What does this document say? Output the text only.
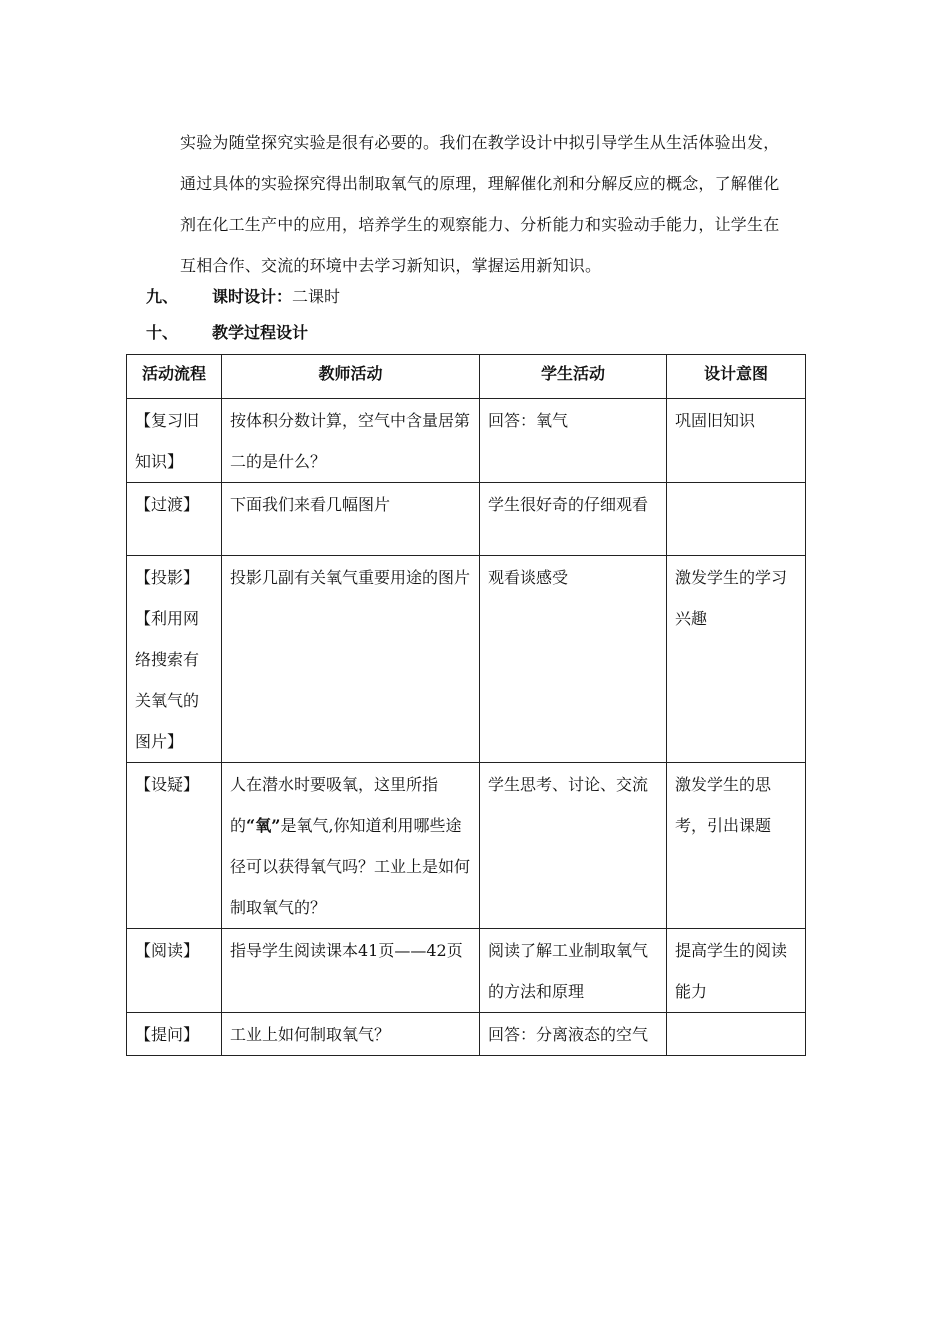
实验为随堂探究实验是很有必要的。我们在教学设计中拟引导学生从生活体验出发，

通过具体的实验探究得出制取氧气的原理，理解催化剂和分解反应的概念，了解催化

剂在化工生产中的应用，培养学生的观察能力、分析能力和实验动手能力，让学生在

互相合作、交流的环境中去学习新知识，掌握运用新知识。

九、 课时设计：二课时
十、 教学过程设计
活动流程	教师活动	学生活动	设计意图

【复习旧
知识】	按体积分数计算，空气中含量居第二的是什么？	回答：氧气	巩固旧知识

【过渡】	下面我们来看几幅图片	学生很好奇的仔细观看	

【投影】
【利用网
络搜索有
关氧气的
图片】	投影几副有关氧气重要用途的图片	观看谈感受	激发学生的学习兴趣

【设疑】	人在潜水时要吸氧，这里所指的“氧”是氧气,你知道利用哪些途径可以获得氧气吗？工业上是如何制取氧气的？	学生思考、讨论、交流	激发学生的思考，引出课题

【阅读】	指导学生阅读课本41页——42页	阅读了解工业制取氧气的方法和原理	提高学生的阅读能力

【提问】	工业上如何制取氧气？	回答：分离液态的空气	
